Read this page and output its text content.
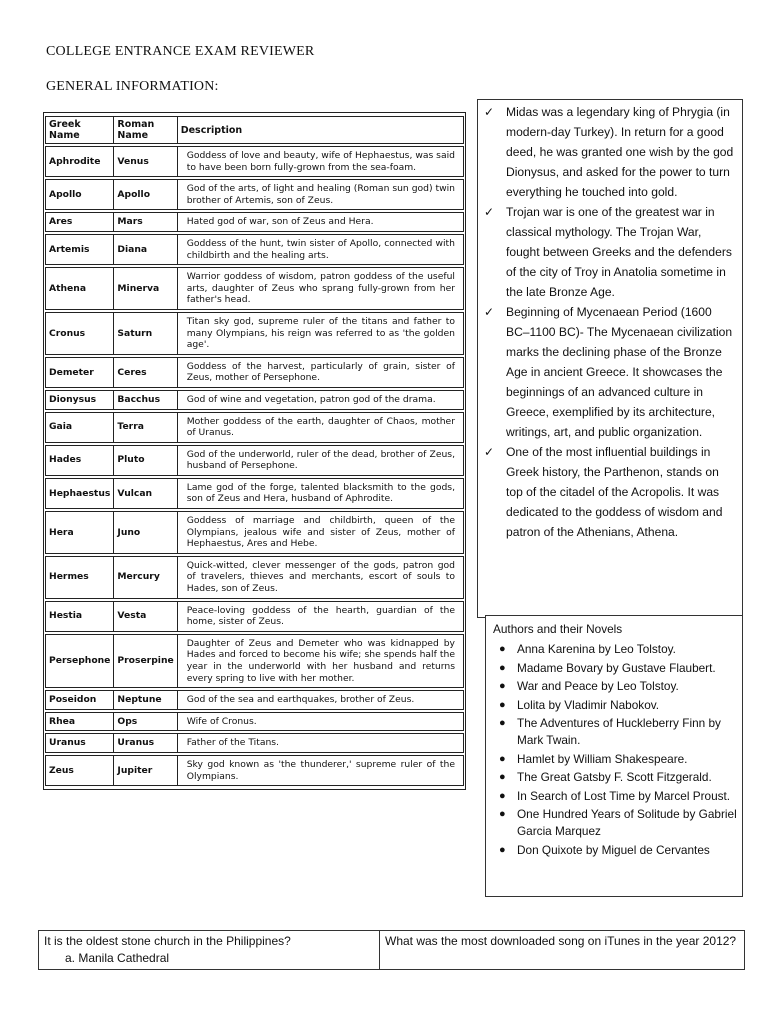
COLLEGE ENTRANCE EXAM REVIEWER
GENERAL INFORMATION:
Greek Name	Roman Name	Description
Aphrodite	Venus	Goddess of love and beauty, wife of Hephaestus, was said to have been born fully-grown from the sea-foam.
Apollo	Apollo	God of the arts, of light and healing (Roman sun god) twin brother of Artemis, son of Zeus.
Ares	Mars	Hated god of war, son of Zeus and Hera.
Artemis	Diana	Goddess of the hunt, twin sister of Apollo, connected with childbirth and the healing arts.
Athena	Minerva	Warrior goddess of wisdom, patron goddess of the useful arts, daughter of Zeus who sprang fully-grown from her father's head.
Cronus	Saturn	Titan sky god, supreme ruler of the titans and father to many Olympians, his reign was referred to as 'the golden age'.
Demeter	Ceres	Goddess of the harvest, particularly of grain, sister of Zeus, mother of Persephone.
Dionysus	Bacchus	God of wine and vegetation, patron god of the drama.
Gaia	Terra	Mother goddess of the earth, daughter of Chaos, mother of Uranus.
Hades	Pluto	God of the underworld, ruler of the dead, brother of Zeus, husband of Persephone.
Hephaestus	Vulcan	Lame god of the forge, talented blacksmith to the gods, son of Zeus and Hera, husband of Aphrodite.
Hera	Juno	Goddess of marriage and childbirth, queen of the Olympians, jealous wife and sister of Zeus, mother of Hephaestus, Ares and Hebe.
Hermes	Mercury	Quick-witted, clever messenger of the gods, patron god of travelers, thieves and merchants, escort of souls to Hades, son of Zeus.
Hestia	Vesta	Peace-loving goddess of the hearth, guardian of the home, sister of Zeus.
Persephone	Proserpine	Daughter of Zeus and Demeter who was kidnapped by Hades and forced to become his wife; she spends half the year in the underworld with her husband and returns every spring to live with her mother.
Poseidon	Neptune	God of the sea and earthquakes, brother of Zeus.
Rhea	Ops	Wife of Cronus.
Uranus	Uranus	Father of the Titans.
Zeus	Jupiter	Sky god known as 'the thunderer,' supreme ruler of the Olympians.
✓ Midas was a legendary king of Phrygia (in modern-day Turkey). In return for a good deed, he was granted one wish by the god Dionysus, and asked for the power to turn everything he touched into gold.
✓ Trojan war is one of the greatest war in classical mythology. The Trojan War, fought between Greeks and the defenders of the city of Troy in Anatolia sometime in the late Bronze Age.
✓ Beginning of Mycenaean Period (1600 BC–1100 BC)- The Mycenaean civilization marks the declining phase of the Bronze Age in ancient Greece. It showcases the beginnings of an advanced culture in Greece, exemplified by its architecture, writings, art, and public organization.
✓ One of the most influential buildings in Greek history, the Parthenon, stands on top of the citadel of the Acropolis. It was dedicated to the goddess of wisdom and patron of the Athenians, Athena.
Authors and their Novels
● Anna Karenina by Leo Tolstoy.
● Madame Bovary by Gustave Flaubert.
● War and Peace by Leo Tolstoy.
● Lolita by Vladimir Nabokov.
● The Adventures of Huckleberry Finn by Mark Twain.
● Hamlet by William Shakespeare.
● The Great Gatsby F. Scott Fitzgerald.
● In Search of Lost Time by Marcel Proust.
● One Hundred Years of Solitude by Gabriel Garcia Marquez
● Don Quixote by Miguel de Cervantes
It is the oldest stone church in the Philippines?
a. Manila Cathedral
	What was the most downloaded song on iTunes in the year 2012?
